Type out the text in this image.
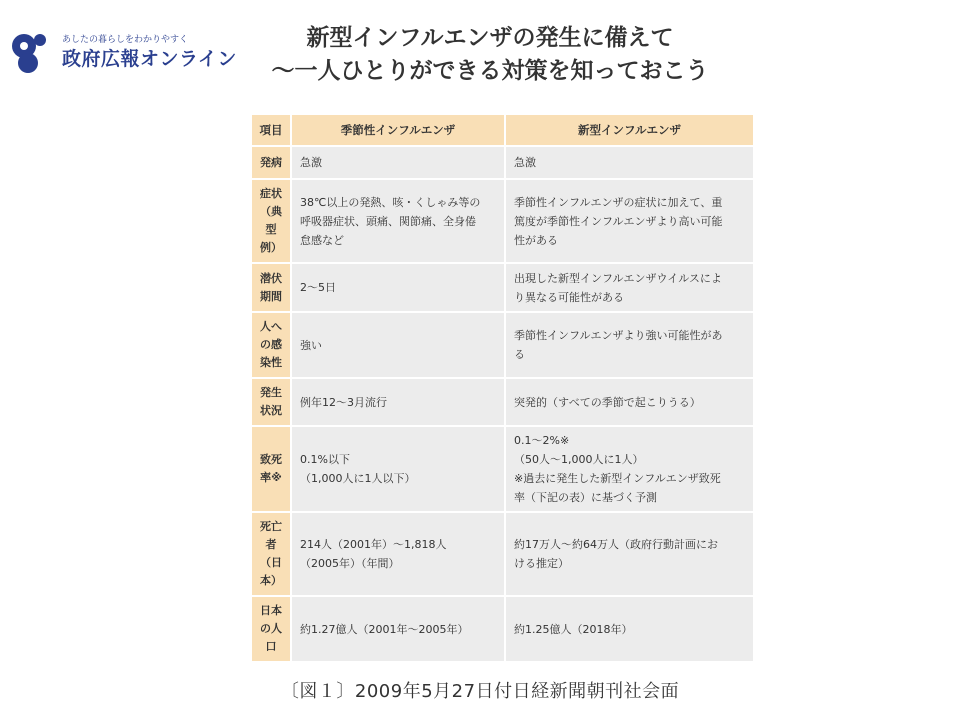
あしたの暮らしをわかりやすく
政府広報オンライン
新型インフルエンザの発生に備えて
〜一人ひとりができる対策を知っておこう
項目	季節性インフルエンザ	新型インフルエンザ
発病	急激	急激

症状 （典 型 例）	38℃以上の発熱、咳・くしゃみ等の
呼吸器症状、頭痛、関節痛、全身倦
怠感など	季節性インフルエンザの症状に加えて、重
篤度が季節性インフルエンザより高い可能
性がある

潜伏 期間	2〜5日	出現した新型インフルエンザウイルスによ
り異なる可能性がある

人へ の感 染性	強い	季節性インフルエンザより強い可能性があ
る

発生 状況	例年12〜3月流行	突発的（すべての季節で起こりうる）

致死 率※	0.1%以下
（1,000人に1人以下）	0.1〜2%※
（50人〜1,000人に1人）
※過去に発生した新型インフルエンザ致死
率（下記の表）に基づく予測

死亡 者 （日 本）	214人（2001年）〜1,818人
（2005年）（年間）	約17万人〜約64万人（政府行動計画にお
ける推定）

日本 の人 口	約1.27億人（2001年〜2005年）	約1.25億人（2018年）
〔図１〕2009年5月27日付日経新聞朝刊社会面
